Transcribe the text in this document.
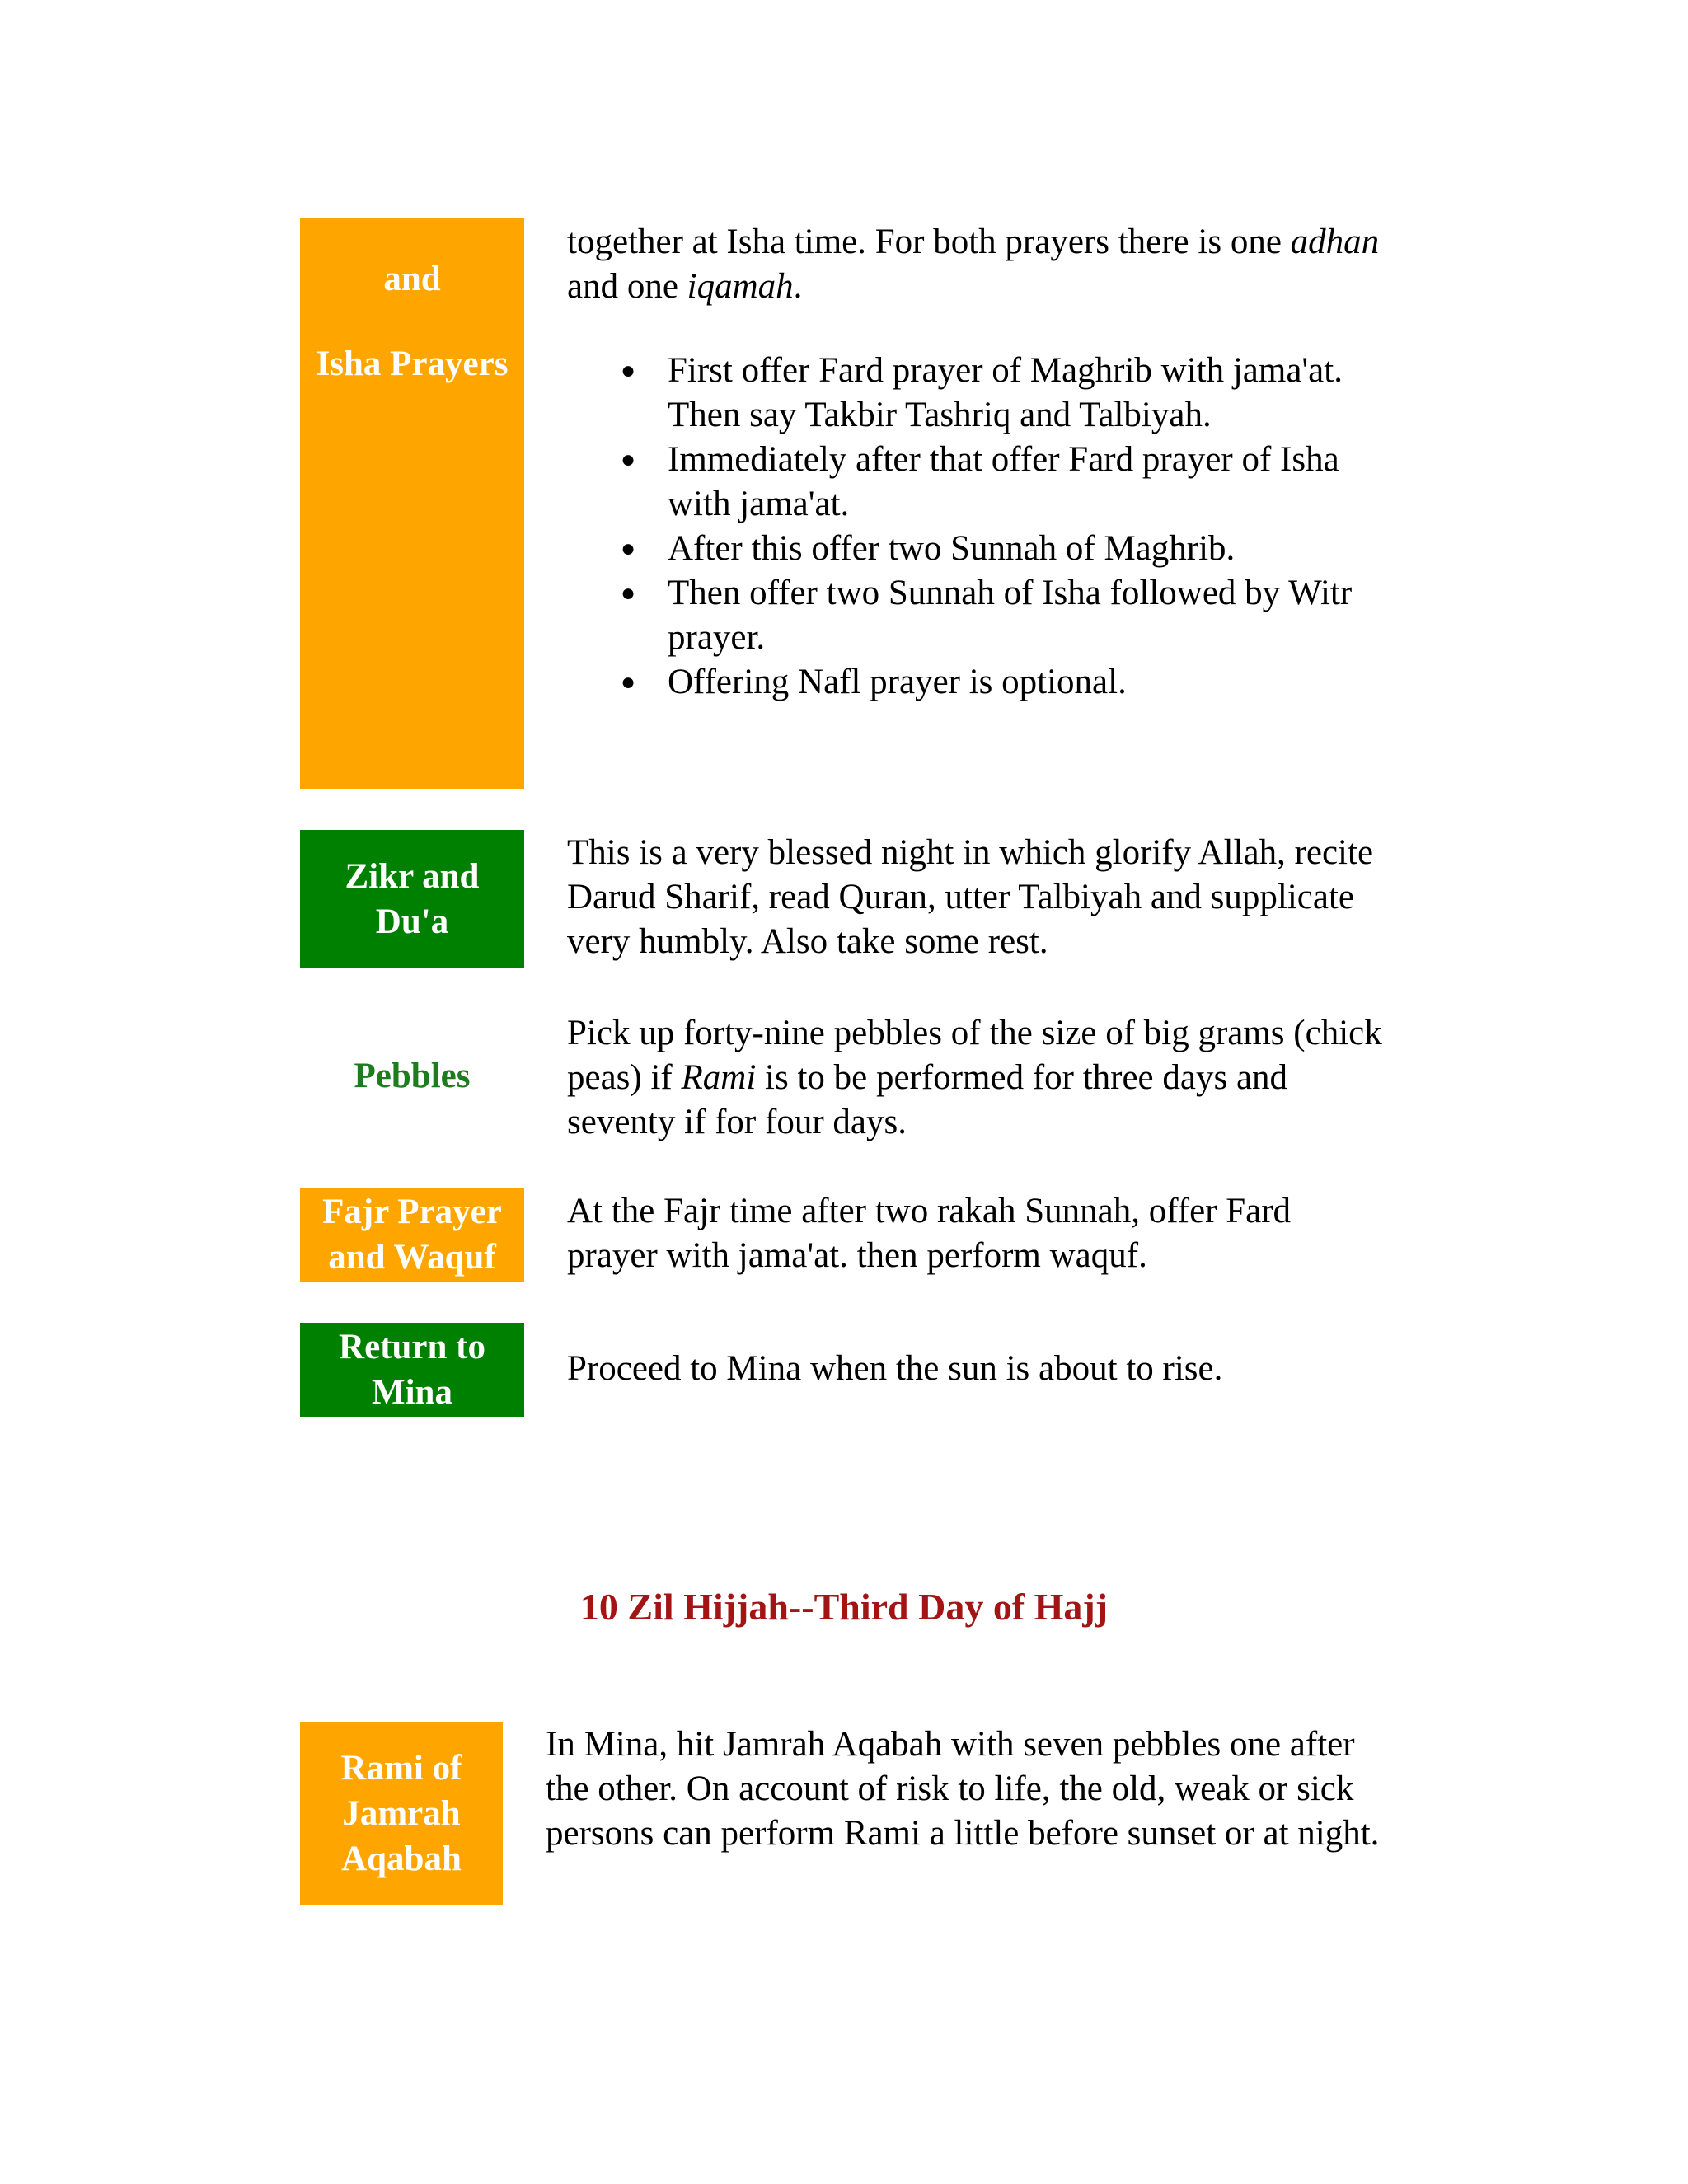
and
Isha Prayers

together at Isha time. For both prayers there is one adhan and one iqamah.

● First offer Fard prayer of Maghrib with jama'at. Then say Takbir Tashriq and Talbiyah.
● Immediately after that offer Fard prayer of Isha with jama'at.
● After this offer two Sunnah of Maghrib.
● Then offer two Sunnah of Isha followed by Witr prayer.
● Offering Nafl prayer is optional.
Zikr and
Du'a
This is a very blessed night in which glorify Allah, recite Darud Sharif, read Quran, utter Talbiyah and supplicate very humbly. Also take some rest.
Pebbles

Pick up forty-nine pebbles of the size of big grams (chick peas) if Rami is to be performed for three days and seventy if for four days.

Fajr Prayer
and Waquf
At the Fajr time after two rakah Sunnah, offer Fard prayer with jama'at. then perform waquf.
Return to
Mina
Proceed to Mina when the sun is about to rise.
10 Zil Hijjah--Third Day of Hajj
Rami of
Jamrah
Aqabah
In Mina, hit Jamrah Aqabah with seven pebbles one after the other. On account of risk to life, the old, weak or sick persons can perform Rami a little before sunset or at night.
